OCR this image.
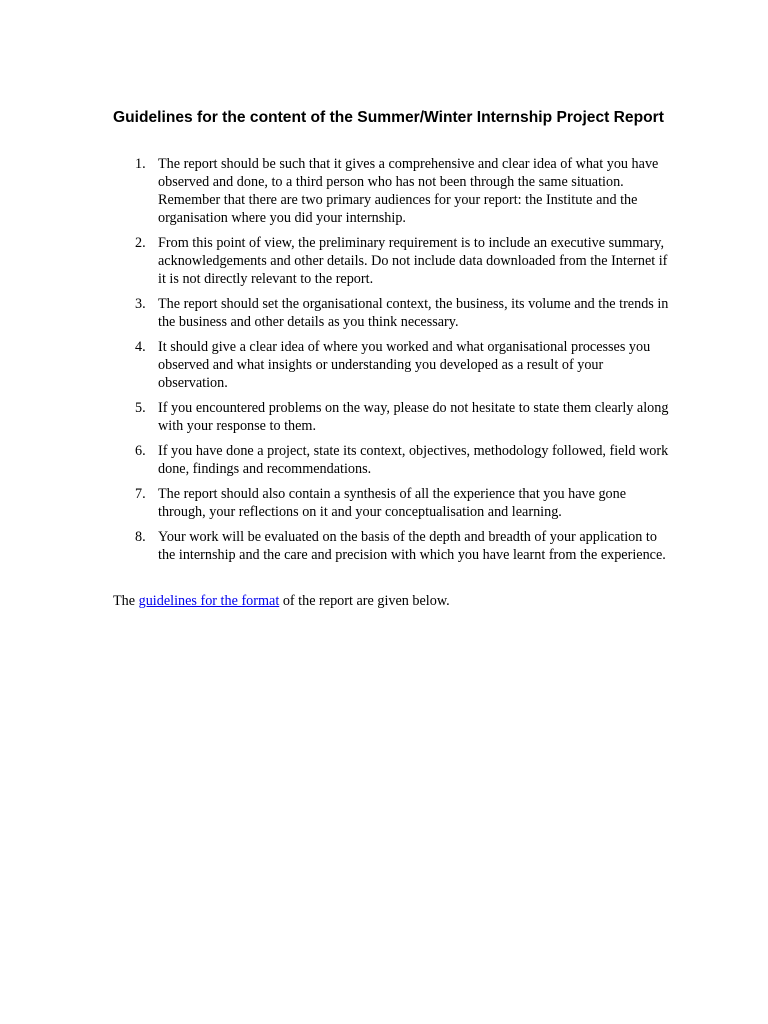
Guidelines for the content of the Summer/Winter Internship Project Report
1. The report should be such that it gives a comprehensive and clear idea of what you have observed and done, to a third person who has not been through the same situation. Remember that there are two primary audiences for your report: the Institute and the organisation where you did your internship.
2. From this point of view, the preliminary requirement is to include an executive summary, acknowledgements and other details. Do not include data downloaded from the Internet if it is not directly relevant to the report.
3. The report should set the organisational context, the business, its volume and the trends in the business and other details as you think necessary.
4. It should give a clear idea of where you worked and what organisational processes you observed and what insights or understanding you developed as a result of your observation.
5. If you encountered problems on the way, please do not hesitate to state them clearly along with your response to them.
6. If you have done a project, state its context, objectives, methodology followed, field work done, findings and recommendations.
7. The report should also contain a synthesis of all the experience that you have gone through, your reflections on it and your conceptualisation and learning.
8. Your work will be evaluated on the basis of the depth and breadth of your application to the internship and the care and precision with which you have learnt from the experience.

The guidelines for the format of the report are given below.
